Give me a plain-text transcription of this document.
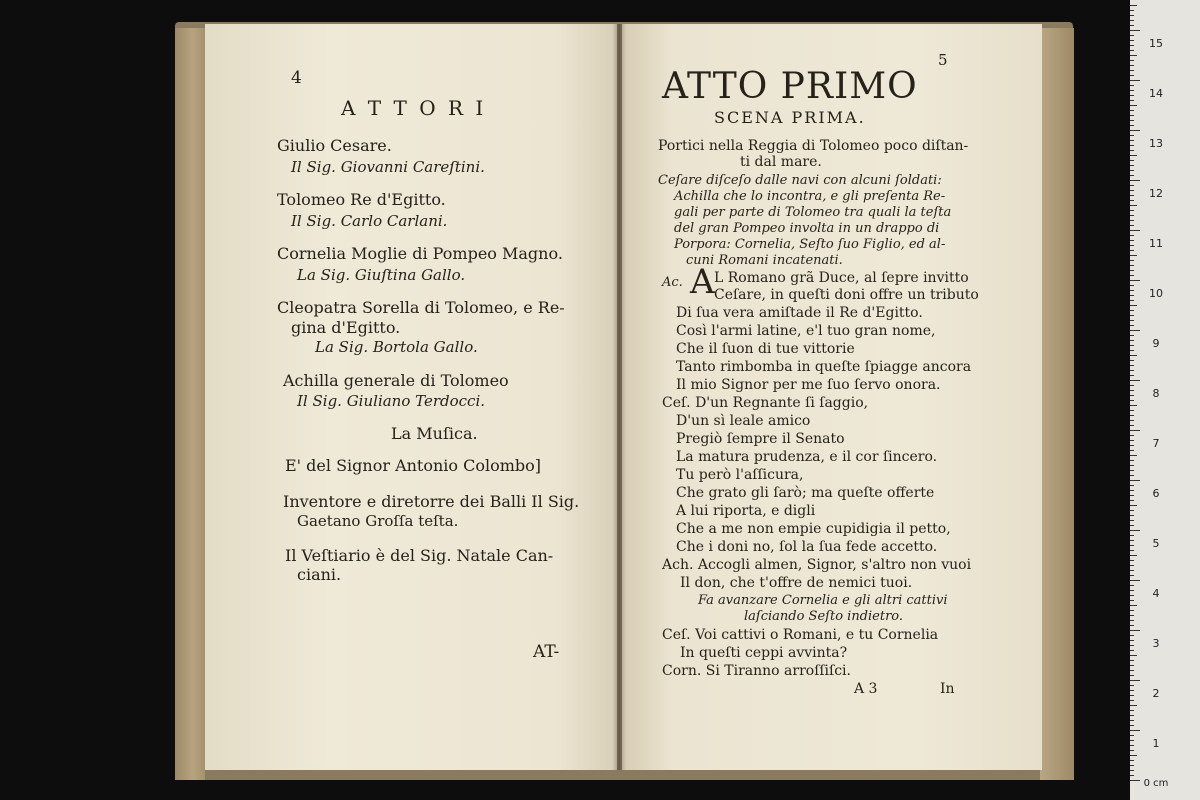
4
A T T O R I
Giulio Cesare.
Il Sig. Giovanni Careſtini.
Tolomeo Re d'Egitto.
Il Sig. Carlo Carlani.
Cornelia Moglie di Pompeo Magno.
La Sig. Giuſtina Gallo.
Cleopatra Sorella di Tolomeo, e Re-
gina d'Egitto.
La Sig. Bortola Gallo.
Achilla generale di Tolomeo
Il Sig. Giuliano Terdocci.
La Muſica.
E' del Signor Antonio Colombo]
Inventore e diretorre dei Balli Il Sig.
Gaetano Groſſa teſta.
Il Veſtiario è del Sig. Natale Can-
ciani.
AT-
5
ATTO PRIMO
SCENA PRIMA.
Portici nella Reggia di Tolomeo poco diſtan-
ti dal mare.
Ceſare diſceſo dalle navi con alcuni ſoldati:
Achilla che lo incontra, e gli preſenta Re-
gali per parte di Tolomeo tra quali la teſta
del gran Pompeo involta in un drappo di
Porpora: Cornelia, Seſto ſuo Figlio, ed al-
cuni Romani incatenati.
Ac. A L Romano grã Duce, al ſepre invitto
Ceſare, in queſti doni offre un tributo
Di ſua vera amiſtade il Re d'Egitto.
Così l'armi latine, e'l tuo gran nome,
Che il ſuon di tue vittorie
Tanto rimbomba in queſte ſpiagge ancora
Il mio Signor per me ſuo ſervo onora.
Ceſ. D'un Regnante ſi ſaggio,
D'un sì leale amico
Pregiò ſempre il Senato
La matura prudenza, e il cor ſincero.
Tu però l'aſſicura,
Che grato gli ſarò; ma queſte offerte
A lui riporta, e digli
Che a me non empie cupidigia il petto,
Che i doni no, ſol la ſua fede accetto.
Ach. Accogli almen, Signor, s'altro non vuoi
Il don, che t'offre de nemici tuoi.
Fa avanzare Cornelia e gli altri cattivi
laſciando Seſto indietro.
Ceſ. Voi cattivi o Romani, e tu Cornelia
In queſti ceppi avvinta?
Corn. Si Tiranno arroſſiſci.
A 3	In
15
14
13
12
11
10
9
8
7
6
5
4
3
2
1
0 cm
